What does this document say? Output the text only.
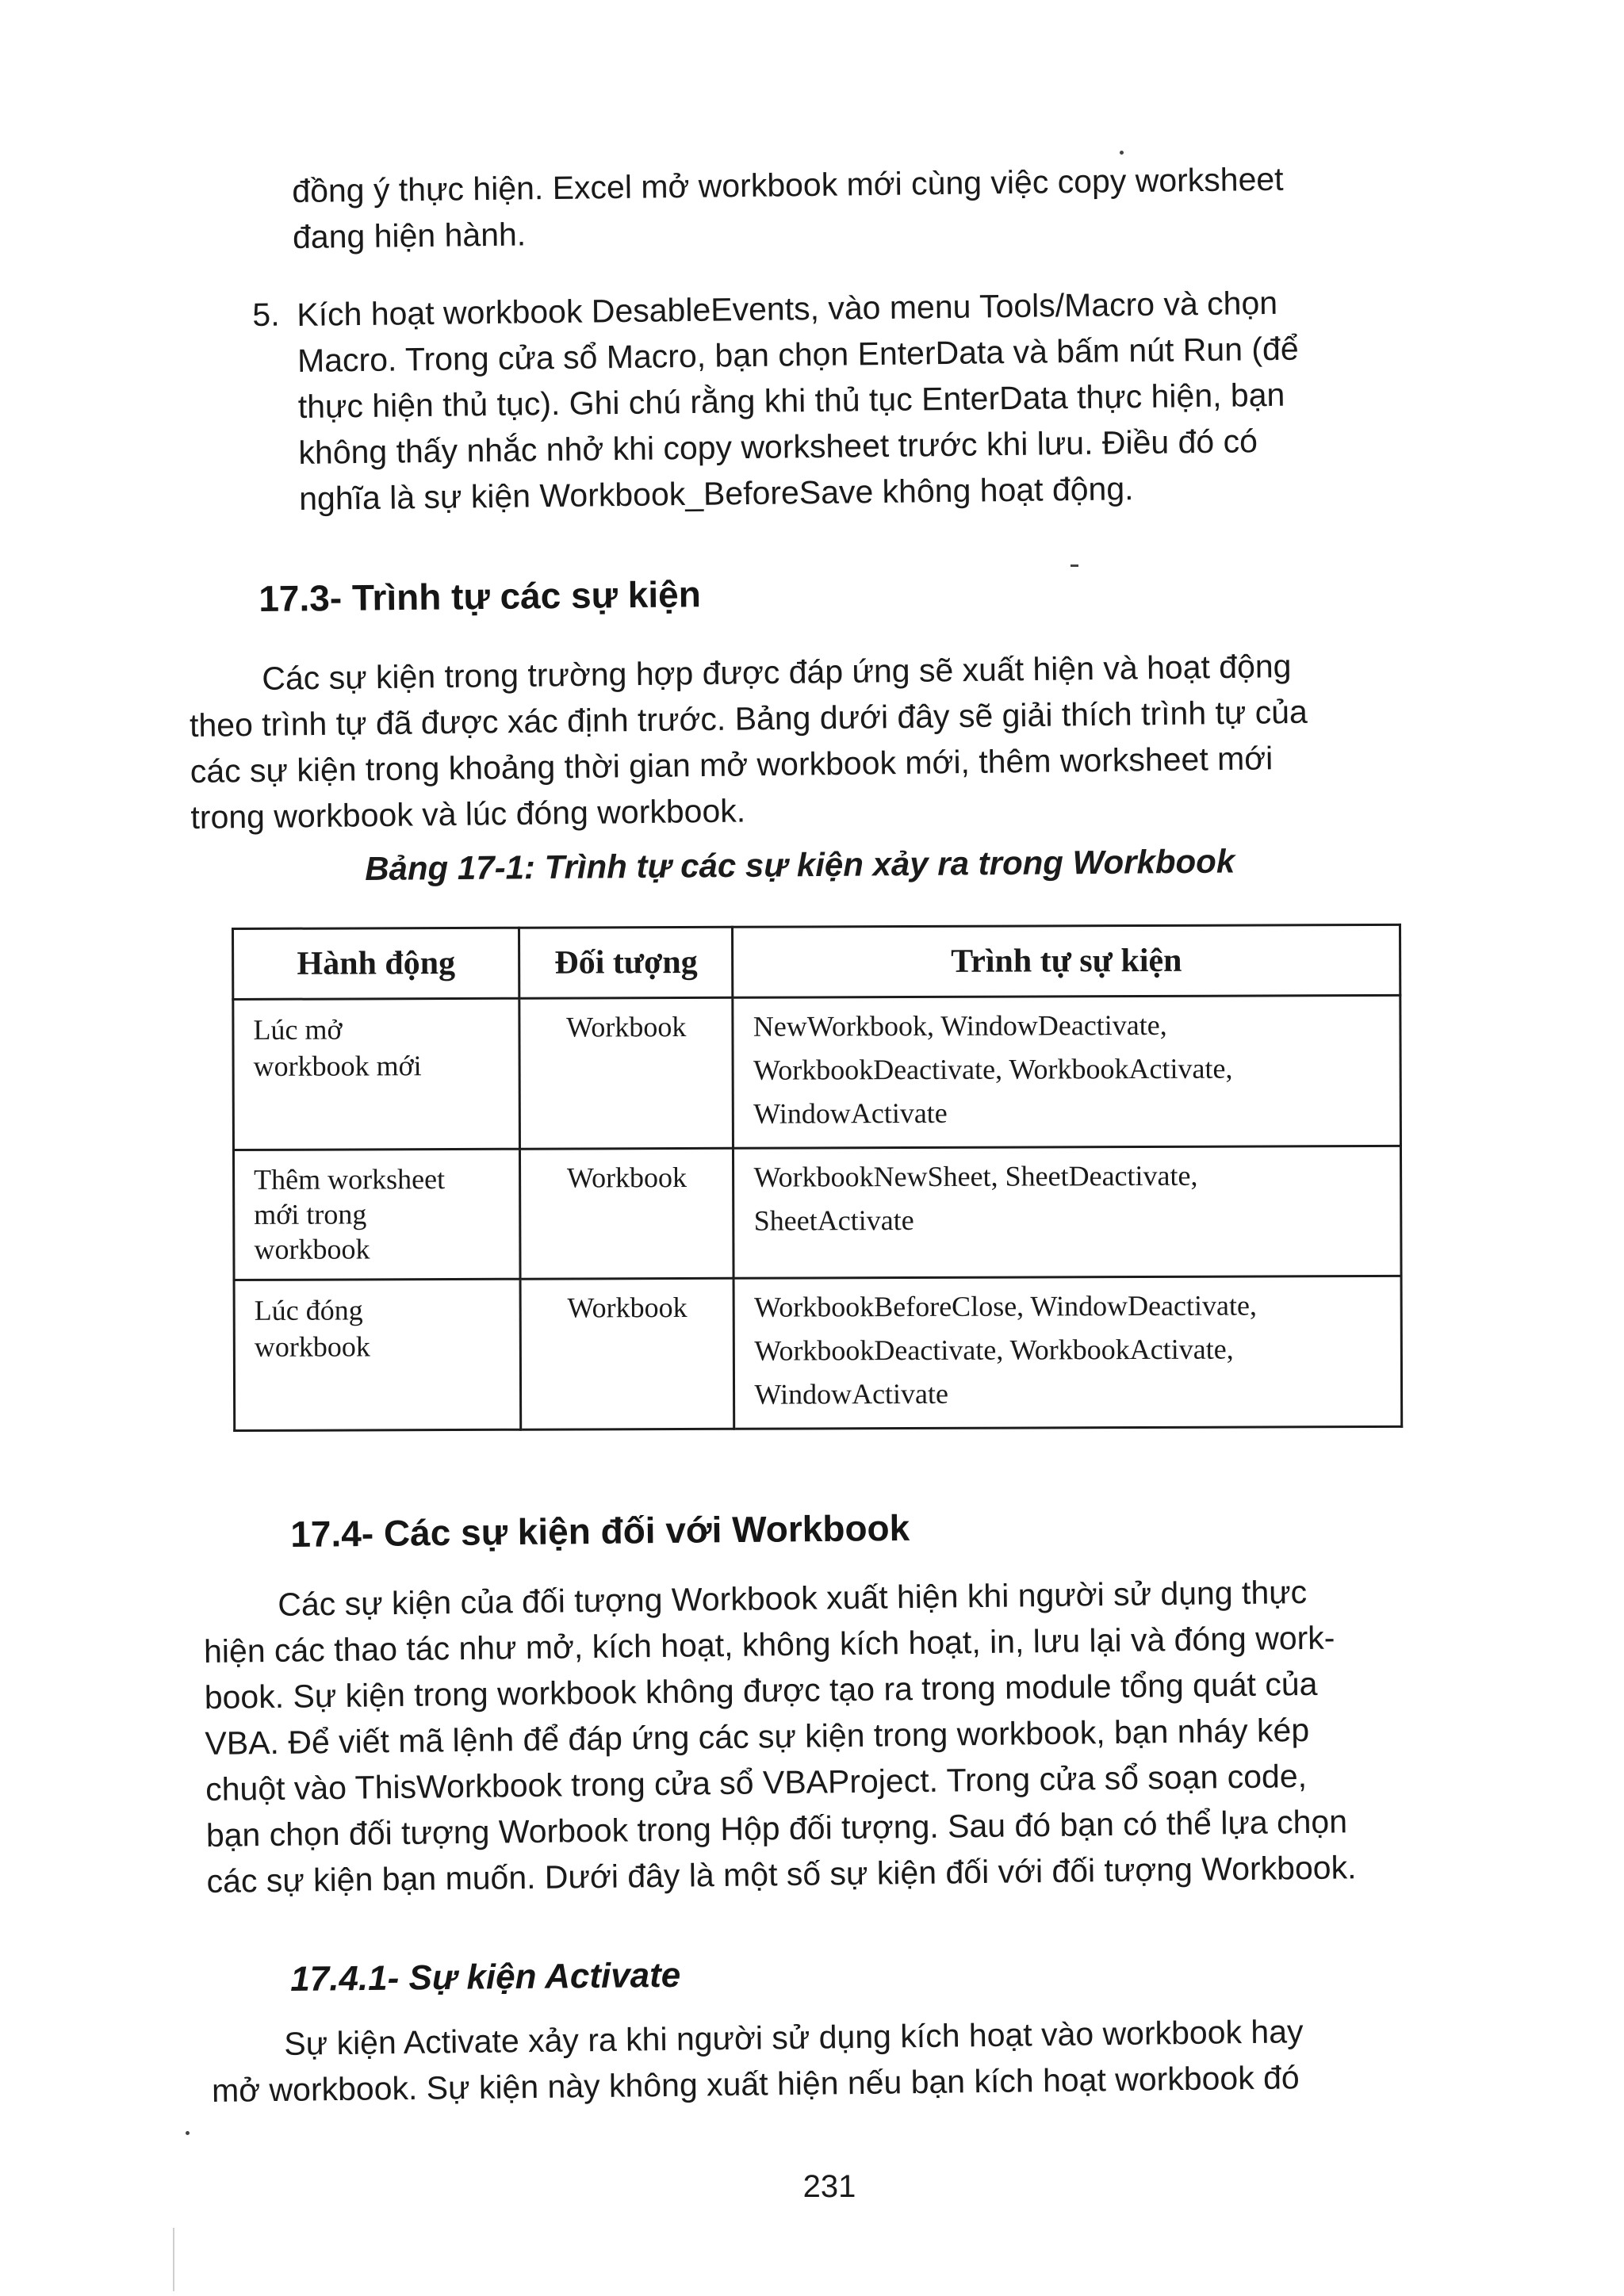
đồng ý thực hiện. Excel mở workbook mới cùng việc copy worksheet
đang hiện hành.
5. Kích hoạt workbook DesableEvents, vào menu Tools/Macro và chọn
Macro. Trong cửa sổ Macro, bạn chọn EnterData và bấm nút Run (để
thực hiện thủ tục). Ghi chú rằng khi thủ tục EnterData thực hiện, bạn
không thấy nhắc nhở khi copy worksheet trước khi lưu. Điều đó có
nghĩa là sự kiện Workbook_BeforeSave không hoạt động.
17.3- Trình tự các sự kiện
Các sự kiện trong trường hợp được đáp ứng sẽ xuất hiện và hoạt động
theo trình tự đã được xác định trước. Bảng dưới đây sẽ giải thích trình tự của
các sự kiện trong khoảng thời gian mở workbook mới, thêm worksheet mới
trong workbook và lúc đóng workbook.

Bảng 17-1: Trình tự các sự kiện xảy ra trong Workbook

Hành động	Đối tượng	Trình tự sự kiện

Lúc mở
workbook mới	Workbook	NewWorkbook, WindowDeactivate,
WorkbookDeactivate, WorkbookActivate,
WindowActivate

Thêm worksheet
mới trong
workbook	Workbook	WorkbookNewSheet, SheetDeactivate,
SheetActivate

Lúc đóng
workbook	Workbook	WorkbookBeforeClose, WindowDeactivate,
WorkbookDeactivate, WorkbookActivate,
WindowActivate
17.4- Các sự kiện đối với Workbook
Các sự kiện của đối tượng Workbook xuất hiện khi người sử dụng thực
hiện các thao tác như mở, kích hoạt, không kích hoạt, in, lưu lại và đóng work-
book. Sự kiện trong workbook không được tạo ra trong module tổng quát của
VBA. Để viết mã lệnh để đáp ứng các sự kiện trong workbook, bạn nháy kép
chuột vào ThisWorkbook trong cửa sổ VBAProject. Trong cửa sổ soạn code,
bạn chọn đối tượng Worbook trong Hộp đối tượng. Sau đó bạn có thể lựa chọn
các sự kiện bạn muốn. Dưới đây là một số sự kiện đối với đối tượng Workbook.
17.4.1- Sự kiện Activate
Sự kiện Activate xảy ra khi người sử dụng kích hoạt vào workbook hay
mở workbook. Sự kiện này không xuất hiện nếu bạn kích hoạt workbook đó

231
